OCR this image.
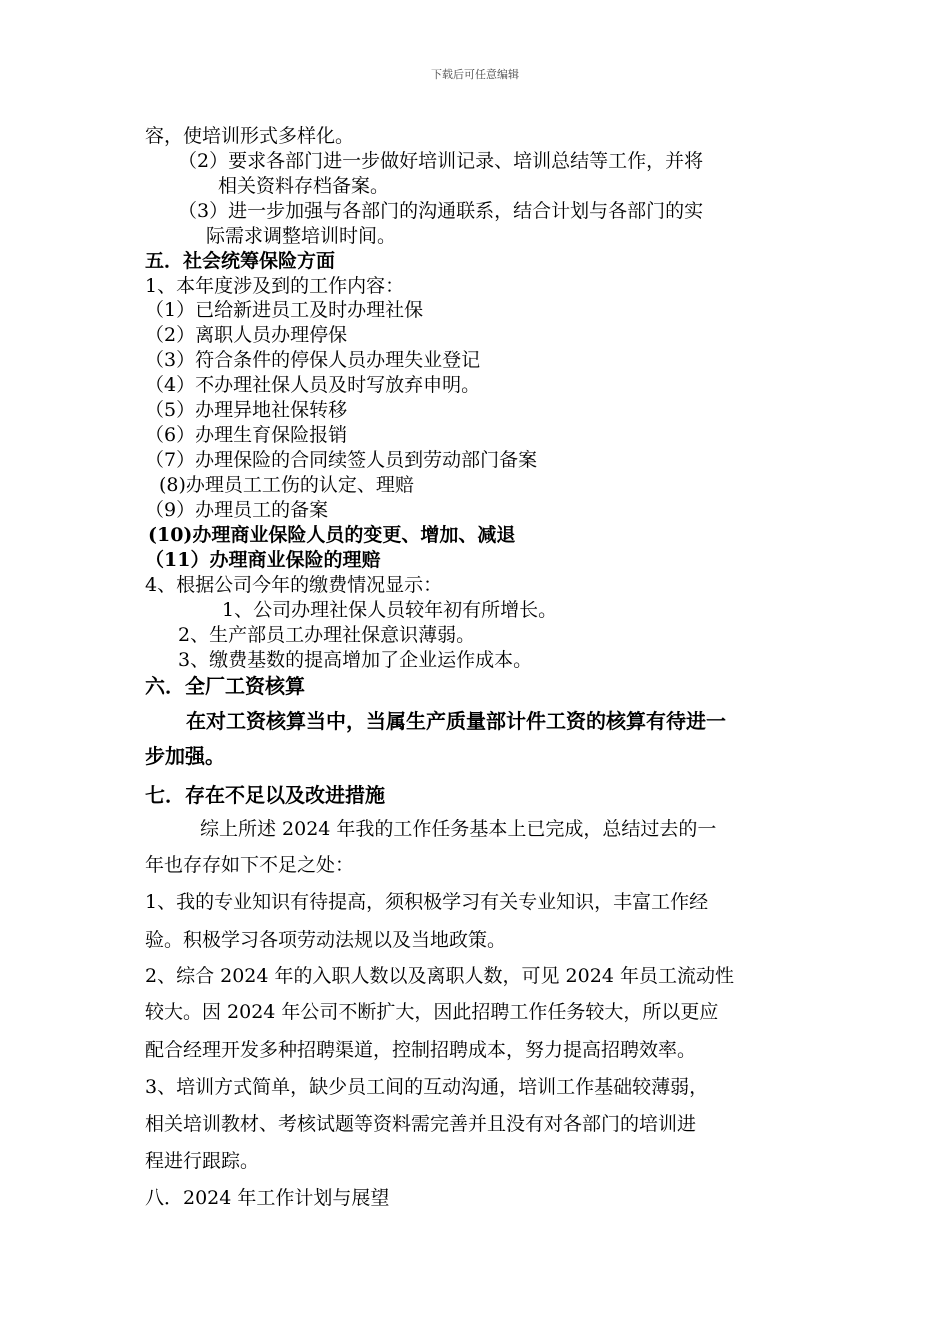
下载后可任意编辑
容，使培训形式多样化。
（2）要求各部门进一步做好培训记录、培训总结等工作，并将
相关资料存档备案。
（3）进一步加强与各部门的沟通联系，结合计划与各部门的实
际需求调整培训时间。
五．社会统筹保险方面
1、本年度涉及到的工作内容：
（1）已给新进员工及时办理社保
（2）离职人员办理停保
（3）符合条件的停保人员办理失业登记
（4）不办理社保人员及时写放弃申明。
（5）办理异地社保转移
（6）办理生育保险报销
（7）办理保险的合同续签人员到劳动部门备案
(8)办理员工工伤的认定、理赔
（9）办理员工的备案
(10)办理商业保险人员的变更、增加、减退
（11）办理商业保险的理赔
4、根据公司今年的缴费情况显示：
1、公司办理社保人员较年初有所增长。
2、生产部员工办理社保意识薄弱。
3、缴费基数的提高增加了企业运作成本。
六．全厂工资核算
在对工资核算当中，当属生产质量部计件工资的核算有待进一
步加强。
七．存在不足以及改进措施
综上所述 2024 年我的工作任务基本上已完成，总结过去的一
年也存存如下不足之处：
1、我的专业知识有待提高，须积极学习有关专业知识，丰富工作经
验。积极学习各项劳动法规以及当地政策。
2、综合 2024 年的入职人数以及离职人数，可见 2024 年员工流动性
较大。因 2024 年公司不断扩大，因此招聘工作任务较大，所以更应
配合经理开发多种招聘渠道，控制招聘成本，努力提高招聘效率。
3、培训方式简单，缺少员工间的互动沟通，培训工作基础较薄弱，
相关培训教材、考核试题等资料需完善并且没有对各部门的培训进
程进行跟踪。
八．2024 年工作计划与展望
